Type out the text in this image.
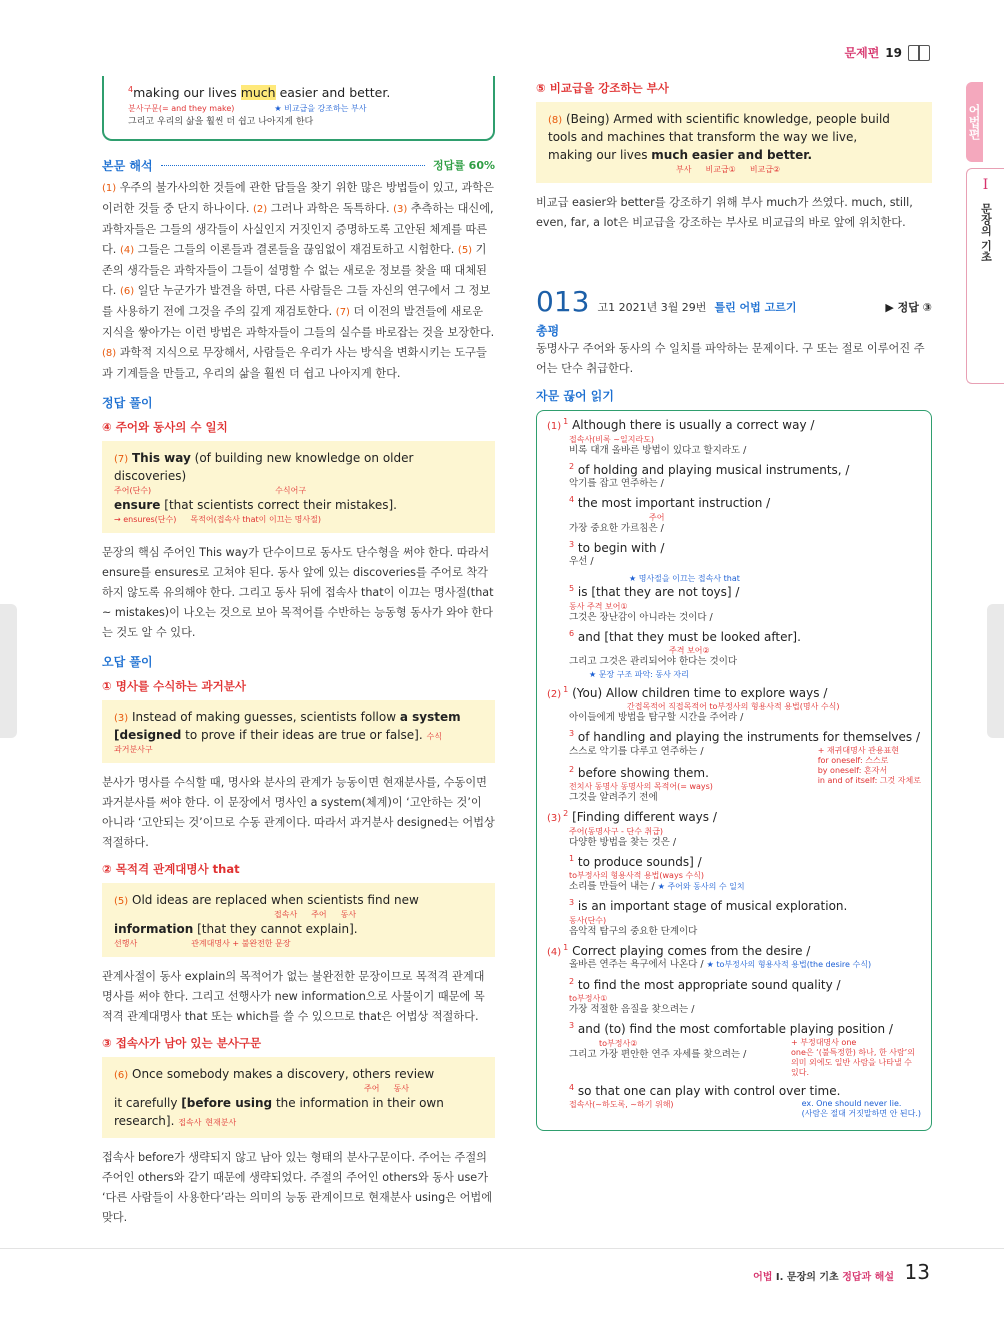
문제편 19
어법편
I
문장의 기초
$^4$making our lives much easier and better.
분사구문(= and they make)	★ 비교급을 강조하는 부사
그리고 우리의 삶을 훨씬 더 쉽고 나아지게 한다
본문 해석	정답률 60%
(1) 우주의 불가사의한 것들에 관한 답들을 찾기 위한 많은 방법들이 있고, 과학은 이러한 것들 중 단지 하나이다. (2) 그러나 과학은 독특하다. (3) 추측하는 대신에, 과학자들은 그들의 생각들이 사실인지 거짓인지 증명하도록 고안된 체계를 따른다. (4) 그들은 그들의 이론들과 결론들을 끊임없이 재검토하고 시험한다. (5) 기존의 생각들은 과학자들이 그들이 설명할 수 없는 새로운 정보를 찾을 때 대체된다. (6) 일단 누군가가 발견을 하면, 다른 사람들은 그들 자신의 연구에서 그 정보를 사용하기 전에 그것을 주의 깊게 재검토한다. (7) 더 이전의 발견들에 새로운 지식을 쌓아가는 이런 방법은 과학자들이 그들의 실수를 바로잡는 것을 보장한다. (8) 과학적 지식으로 무장해서, 사람들은 우리가 사는 방식을 변화시키는 도구들과 기계들을 만들고, 우리의 삶을 훨씬 더 쉽고 나아지게 한다.
정답 풀이
④ 주어와 동사의 수 일치
(7) This way (of building new knowledge on older discoveries)
주어(단수)	수식어구
ensure [that scientists correct their mistakes].
→ ensures(단수) 목적어(접속사 that이 이끄는 명사절)
문장의 핵심 주어인 This way가 단수이므로 동사도 단수형을 써야 한다. 따라서 ensure를 ensures로 고쳐야 된다. 동사 앞에 있는 discoveries를 주어로 착각하지 않도록 유의해야 한다. 그리고 동사 뒤에 접속사 that이 이끄는 명사절(that ~ mistakes)이 나오는 것으로 보아 목적어를 수반하는 능동형 동사가 와야 한다는 것도 알 수 있다.
오답 풀이
① 명사를 수식하는 과거분사
(3) Instead of making guesses, scientists follow a system
[designed to prove if their ideas are true or false]. 수식
과거분사구
분사가 명사를 수식할 때, 명사와 분사의 관계가 능동이면 현재분사를, 수동이면 과거분사를 써야 한다. 이 문장에서 명사인 a system(체계)이 ‘고안하는 것’이 아니라 ‘고안되는 것’이므로 수동 관계이다. 따라서 과거분사 designed는 어법상 적절하다.
② 목적격 관계대명사 that
(5) Old ideas are replaced when scientists find new
접속사 주어 동사
information [that they cannot explain].
선행사	관계대명사 + 불완전한 문장
관계사절이 동사 explain의 목적어가 없는 불완전한 문장이므로 목적격 관계대명사를 써야 한다. 그리고 선행사가 new information으로 사물이기 때문에 목적격 관계대명사 that 또는 which를 쓸 수 있으므로 that은 어법상 적절하다.
③ 접속사가 남아 있는 분사구문
(6) Once somebody makes a discovery, others review
주어 동사
it carefully [before using the information in their own research]. 접속사 현재분사
접속사 before가 생략되지 않고 남아 있는 형태의 분사구문이다. 주어는 주절의 주어인 others와 같기 때문에 생략되었다. 주절의 주어인 others와 동사 use가 ‘다른 사람들이 사용한다’라는 의미의 능동 관계이므로 현재분사 using은 어법에 맞다.
⑤ 비교급을 강조하는 부사
(8) (Being) Armed with scientific knowledge, people build
tools and machines that transform the way we live,
making our lives much easier and better.
부사 비교급① 비교급②
비교급 easier와 better를 강조하기 위해 부사 much가 쓰였다. much, still, even, far, a lot은 비교급을 강조하는 부사로 비교급의 바로 앞에 위치한다.
013 고1 2021년 3월 29번 틀린 어법 고르기	▶ 정답 ③
총평
동명사구 주어와 동사의 수 일치를 파악하는 문제이다. 구 또는 절로 이루어진 주어는 단수 취급한다.
자문 끊어 읽기
(1) $^1$ Although there is usually a correct way /
접속사(비록 ~일지라도)
비록 대개 올바른 방법이 있다고 할지라도 /
$^2$ of holding and playing musical instruments, /
악기를 잡고 연주하는 /
$^4$ the most important instruction /
주어
가장 중요한 가르침은 /
$^3$ to begin with /
우선 /
★ 명사절을 이끄는 접속사 that
$^5$ is [that they are not toys] /
동사 주격 보어①
그것은 장난감이 아니라는 것이다 /
$^6$ and [that they must be looked after].
주격 보어②
그리고 그것은 관리되어야 한다는 것이다
★ 문장 구조 파악: 동사 자리
(2) $^1$ (You) Allow children time to explore ways /
간접목적어 직접목적어 to부정사의 형용사적 용법(명사 수식)
아이들에게 방법을 탐구할 시간을 주어라 /
$^3$ of handling and playing the instruments for themselves /
스스로 악기를 다루고 연주하는 /	+ 재귀대명사 관용표현
for oneself: 스스로
by oneself: 혼자서
in and of itself: 그것 자체로
$^2$ before showing them.
전치사 동명사 동명사의 목적어(= ways)
그것을 알려주기 전에
(3) $^2$ [Finding different ways /
주어(동명사구 - 단수 취급)
다양한 방법을 찾는 것은 /
$^1$ to produce sounds] /
to부정사의 형용사적 용법(ways 수식)
소리를 만들어 내는 / ★ 주어와 동사의 수 일치
$^3$ is an important stage of musical exploration.
동사(단수)
음악적 탐구의 중요한 단계이다
(4) $^1$ Correct playing comes from the desire /
올바른 연주는 욕구에서 나온다 / ★ to부정사의 형용사적 용법(the desire 수식)
$^2$ to find the most appropriate sound quality /
to부정사①
가장 적절한 음질을 찾으려는 /
$^3$ and (to) find the most comfortable playing position /
to부정사②
그리고 가장 편안한 연주 자세를 찾으려는 /
+ 부정대명사 one
one은 ‘(불특정한) 하나, 한 사람’의 의미 외에도 일반 사람을 나타낼 수 있다.
$^4$ so that one can play with control over time.
접속사(~하도록, ~하기 위해)	ex. One should never lie.
(사람은 절대 거짓말하면 안 된다.)
어법 I. 문장의 기초 정답과 해설 13
